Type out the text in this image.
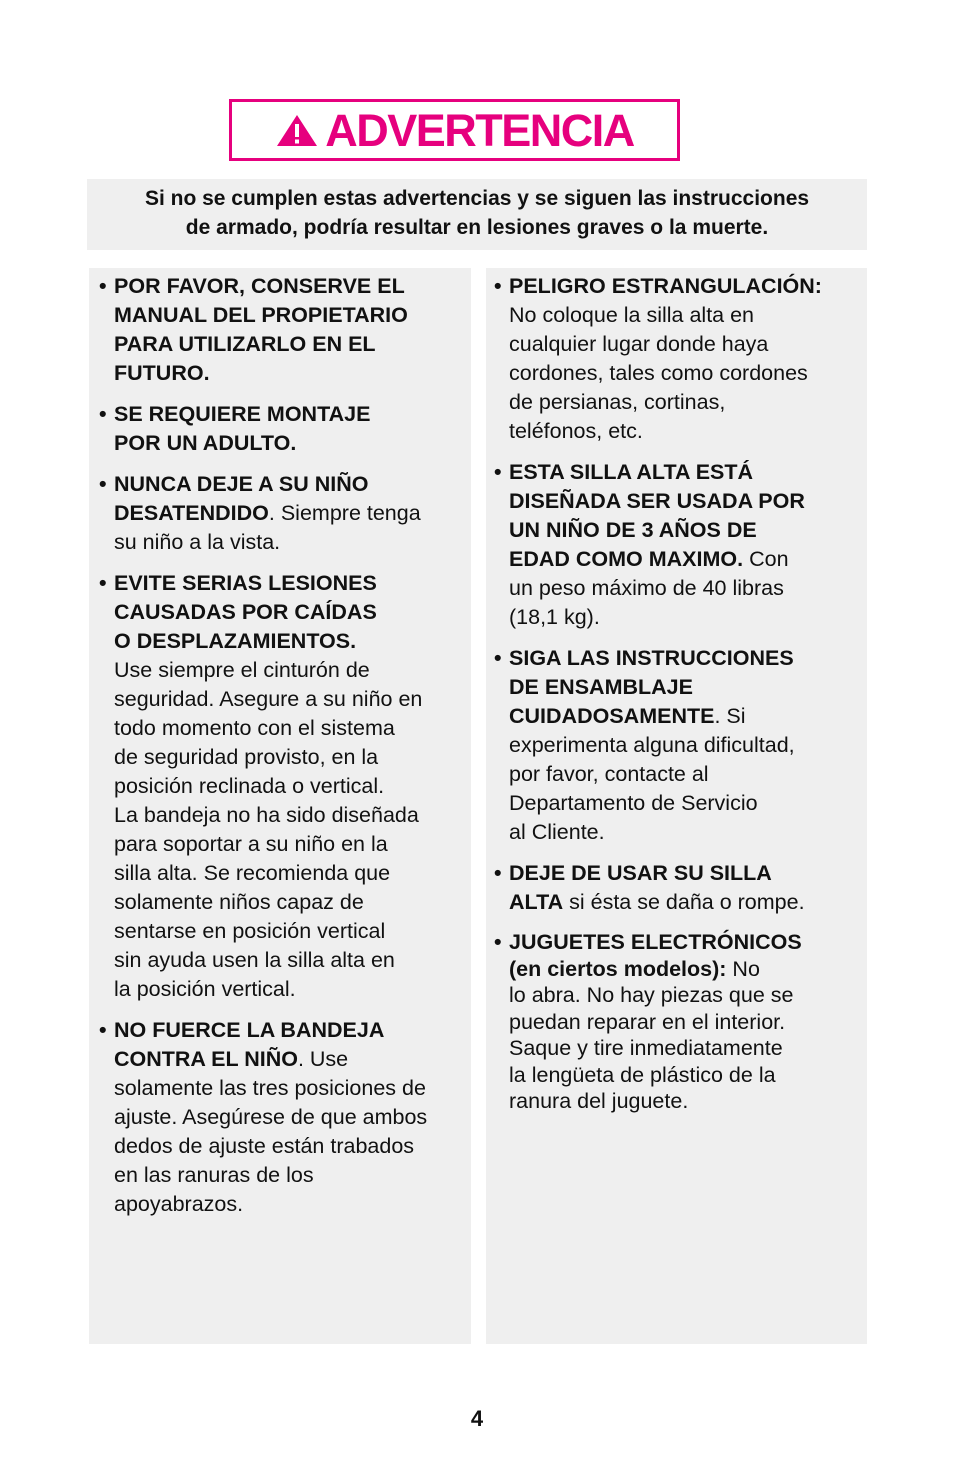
ADVERTENCIA
Si no se cumplen estas advertencias y se siguen las instrucciones
de armado, podría resultar en lesiones graves o la muerte.
• POR FAVOR, CONSERVE EL
MANUAL DEL PROPIETARIO
PARA UTILIZARLO EN EL
FUTURO.
• SE REQUIERE MONTAJE
POR UN ADULTO.
• NUNCA DEJE A SU NIÑO
DESATENDIDO. Siempre tenga
su niño a la vista.
• EVITE SERIAS LESIONES
CAUSADAS POR CAÍDAS
O DESPLAZAMIENTOS.
Use siempre el cinturón de
seguridad. Asegure a su niño en
todo momento con el sistema
de seguridad provisto, en la
posición reclinada o vertical.
La bandeja no ha sido diseñada
para soportar a su niño en la
silla alta. Se recomienda que
solamente niños capaz de
sentarse en posición vertical
sin ayuda usen la silla alta en
la posición vertical.
• NO FUERCE LA BANDEJA
CONTRA EL NIÑO. Use
solamente las tres posiciones de
ajuste. Asegúrese de que ambos
dedos de ajuste están trabados
en las ranuras de los
apoyabrazos.
• PELIGRO ESTRANGULACIÓN:
No coloque la silla alta en
cualquier lugar donde haya
cordones, tales como cordones
de persianas, cortinas,
teléfonos, etc.
• ESTA SILLA ALTA ESTÁ
DISEÑADA SER USADA POR
UN NIÑO DE 3 AÑOS DE
EDAD COMO MAXIMO. Con
un peso máximo de 40 libras
(18,1 kg).
• SIGA LAS INSTRUCCIONES
DE ENSAMBLAJE
CUIDADOSAMENTE. Si
experimenta alguna dificultad,
por favor, contacte al
Departamento de Servicio
al Cliente.
• DEJE DE USAR SU SILLA
ALTA si ésta se daña o rompe.
• JUGUETES ELECTRÓNICOS
(en ciertos modelos): No
lo abra. No hay piezas que se
puedan reparar en el interior.
Saque y tire inmediatamente
la lengüeta de plástico de la
ranura del juguete.
4
